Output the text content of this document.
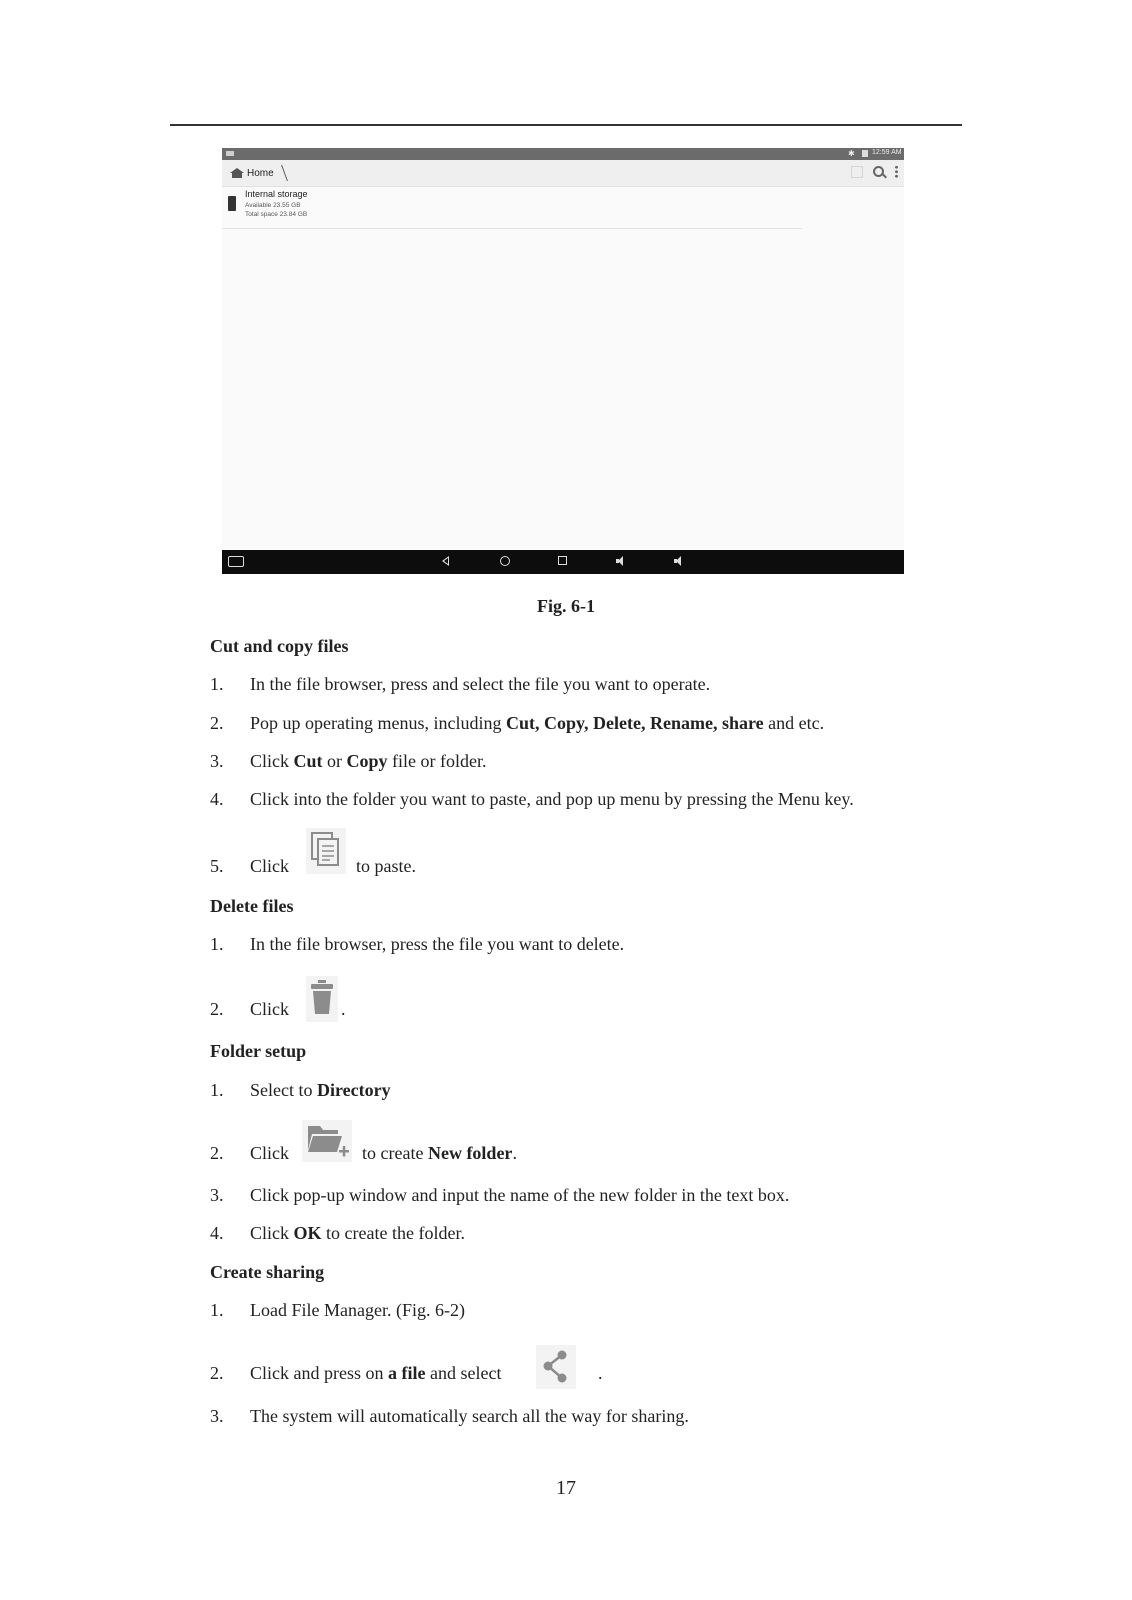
✱ 12:59 AM
Home
Internal storage
Available 23.55 GB
Total space 23.84 GB
Fig. 6-1
Cut and copy files
1. In the file browser, press and select the file you want to operate.
2. Pop up operating menus, including Cut, Copy, Delete, Rename, share and etc.
3. Click Cut or Copy file or folder.
4. Click into the folder you want to paste, and pop up menu by pressing the Menu key.
5. Click	to paste.
Delete files
1. In the file browser, press the file you want to delete.
2. Click	.
Folder setup
1. Select to Directory
2. Click	to create New folder.
3. Click pop-up window and input the name of the new folder in the text box.
4. Click OK to create the folder.
Create sharing
1. Load File Manager. (Fig. 6-2)
2. Click and press on a file and select	.
3. The system will automatically search all the way for sharing.
17
